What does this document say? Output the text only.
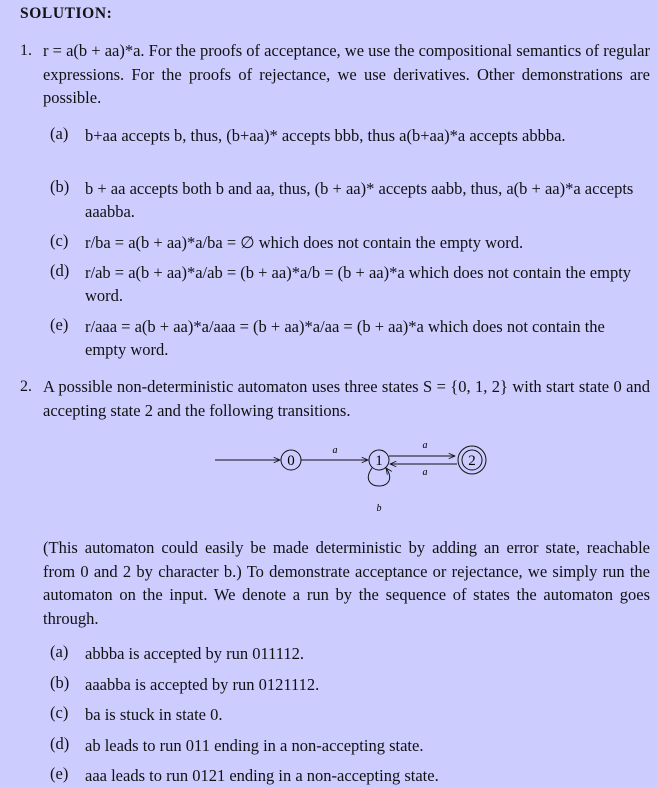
SOLUTION:
1. r = a(b + aa)*a. For the proofs of acceptance, we use the compositional semantics of regular expressions. For the proofs of rejectance, we use derivatives. Other demonstrations are possible.
(a) b+aa accepts b, thus, (b+aa)* accepts bbb, thus a(b+aa)*a accepts abbba.
(b) b + aa accepts both b and aa, thus, (b + aa)* accepts aabb, thus, a(b + aa)*a accepts aaabba.
(c) r/ba = a(b + aa)*a/ba = ∅ which does not contain the empty word.
(d) r/ab = a(b + aa)*a/ab = (b + aa)*a/b = (b + aa)*a which does not contain the empty word.
(e) r/aaa = a(b + aa)*a/aaa = (b + aa)*a/aa = (b + aa)*a which does not contain the empty word.
2. A possible non-deterministic automaton uses three states S = {0, 1, 2} with start state 0 and accepting state 2 and the following transitions.
0
a
1
a
a
2
b
(This automaton could easily be made deterministic by adding an error state, reachable from 0 and 2 by character b.) To demonstrate acceptance or rejectance, we simply run the automaton on the input. We denote a run by the sequence of states the automaton goes through.
(a) abbba is accepted by run 011112.
(b) aaabba is accepted by run 0121112.
(c) ba is stuck in state 0.
(d) ab leads to run 011 ending in a non-accepting state.
(e) aaa leads to run 0121 ending in a non-accepting state.
